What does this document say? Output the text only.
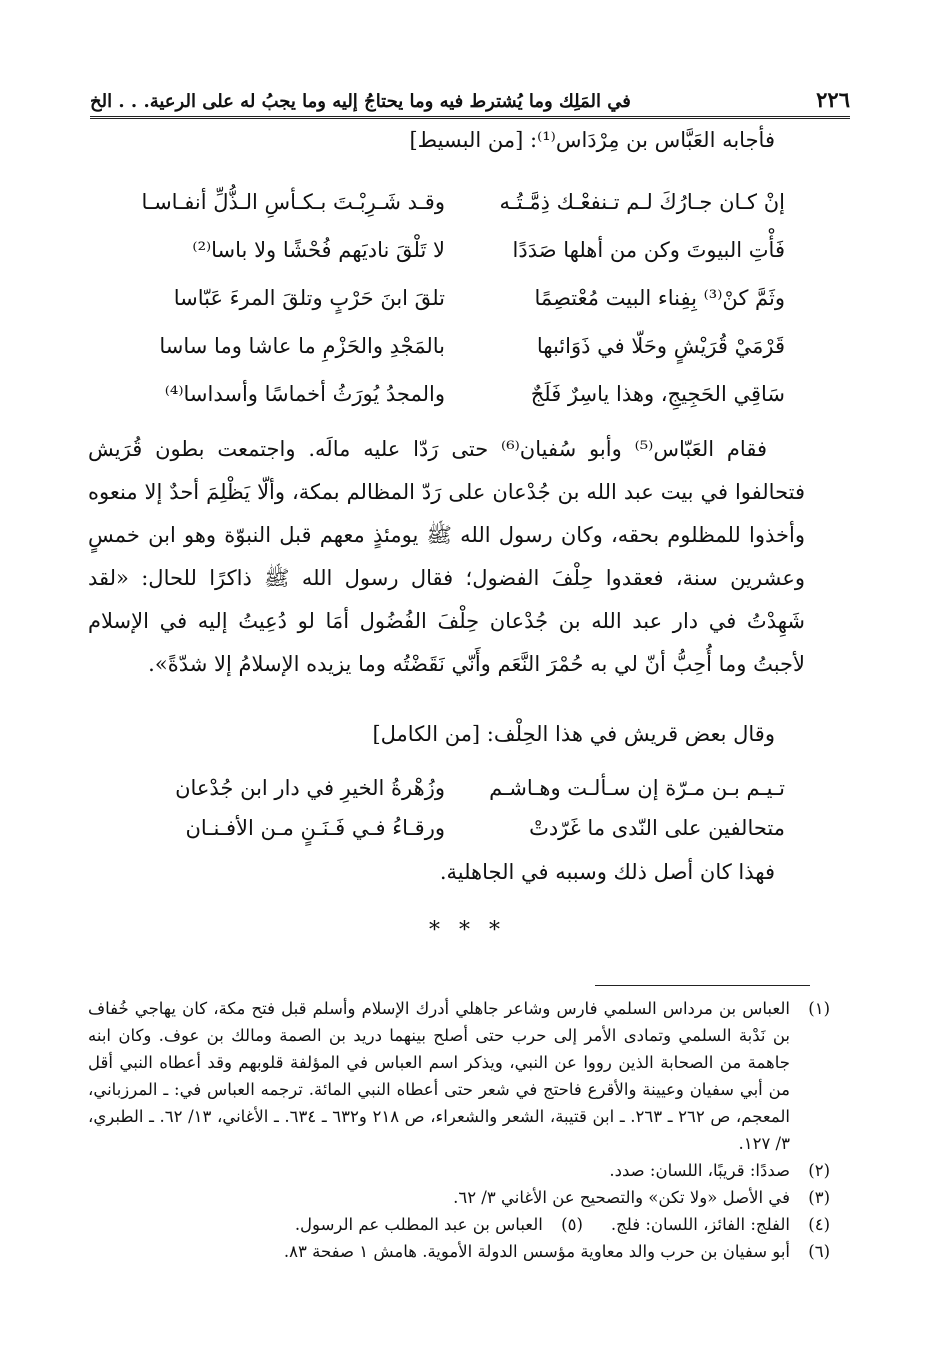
٢٢٦
في المَلِك وما يُشترط فيه وما يحتاجُ إليه وما يجبُ له على الرعية. . . الخ
فأجابه العَبَّاس بن مِرْدَاس⁽¹⁾: [من البسيط]
إنْ كـان جـارُكَ لـم تـنفعْـك ذِمَّـتُـه
وقـد شَـرِبْـتَ بـكـأسِ الـذُّلِّ أنفـاسـا
فَأْتِ البيوتَ وكن من أهلها صَدَدًا
لا تَلْقَ ناديَهم فُحْشًا ولا باسا⁽²⁾
وثَمَّ كنْ⁽³⁾ بِفِناء البيت مُعْتصِمًا
تلقَ ابنَ حَرْبٍ وتلقَ المرءَ عَبّاسا
قَرْمَيْ قُرَيْشٍ وحَلّا في ذَوَائبها
بالمَجْدِ والحَزْمِ ما عاشا وما ساسا
سَاقِي الحَجِيجِ، وهذا ياسِرٌ فَلَجٌ
والمجدُ يُورَثُ أخماسًا وأسداسا⁽⁴⁾
فقام العَبّاس⁽⁵⁾ وأبو سُفيان⁽⁶⁾ حتى رَدّا عليه مالَه. واجتمعت بطون قُرَيش فتحالفوا في بيت عبد الله بن جُدْعان على رَدّ المظالم بمكة، وألّا يَظْلِمَ أحدٌ إلا منعوه وأخذوا للمظلوم بحقه، وكان رسول الله ﷺ يومئذٍ معهم قبل النبوّة وهو ابن خمسٍ وعشرين سنة، فعقدوا حِلْفَ الفضول؛ فقال رسول الله ﷺ ذاكرًا للحال: «لقد شَهِدْتُ في دار عبد الله بن جُدْعان حِلْفَ الفُضُول أمَا لو دُعِيتُ إليه في الإسلام لأجبتُ وما أُحِبُّ أنّ لي به حُمْرَ النَّعَم وأَنّي نَقَضْتُه وما يزيده الإسلامُ إلا شدّةً».
وقال بعض قريش في هذا الحِلْف: [من الكامل]
تـيـم بـن مـرّة إن سـألـت وهـاشـم
وزُهْرةُ الخيرِ في دار ابن جُدْعان
متحالفين على النّدى ما غَرّدتْ
ورقـاءُ فـي فَـنَـنٍ مـن الأفـنـان
فهذا كان أصل ذلك وسببه في الجاهلية.
* * *
(١)
العباس بن مرداس السلمي فارس وشاعر جاهلي أدرك الإسلام وأسلم قبل فتح مكة، كان يهاجي خُفاف بن نَدْبة السلمي وتمادى الأمر إلى حرب حتى أصلح بينهما دريد بن الصمة ومالك بن عوف. وكان ابنه جاهمة من الصحابة الذين رووا عن النبي، ويذكر اسم العباس في المؤلفة قلوبهم وقد أعطاه النبي أقل من أبي سفيان وعيينة والأقرع فاحتج في شعر حتى أعطاه النبي المائة. ترجمه العباس في: ـ المرزباني، المعجم، ص ٢٦٢ ـ ٢٦٣. ـ ابن قتيبة، الشعر والشعراء، ص ٢١٨ و٦٣٢ ـ ٦٣٤. ـ الأغاني، ١٣/ ٦٢. ـ الطبري، ٣/ ١٢٧.
(٢)
صددًا: قريبًا، اللسان: صدد.
(٣)
في الأصل «ولا تكن» والتصحيح عن الأغاني ٣/ ٦٢.
(٤)
الفلج: الفائز، اللسان: فلج.
(٥)
العباس بن عبد المطلب عم الرسول.
(٦)
أبو سفيان بن حرب والد معاوية مؤسس الدولة الأموية. هامش ١ صفحة ٨٣.
